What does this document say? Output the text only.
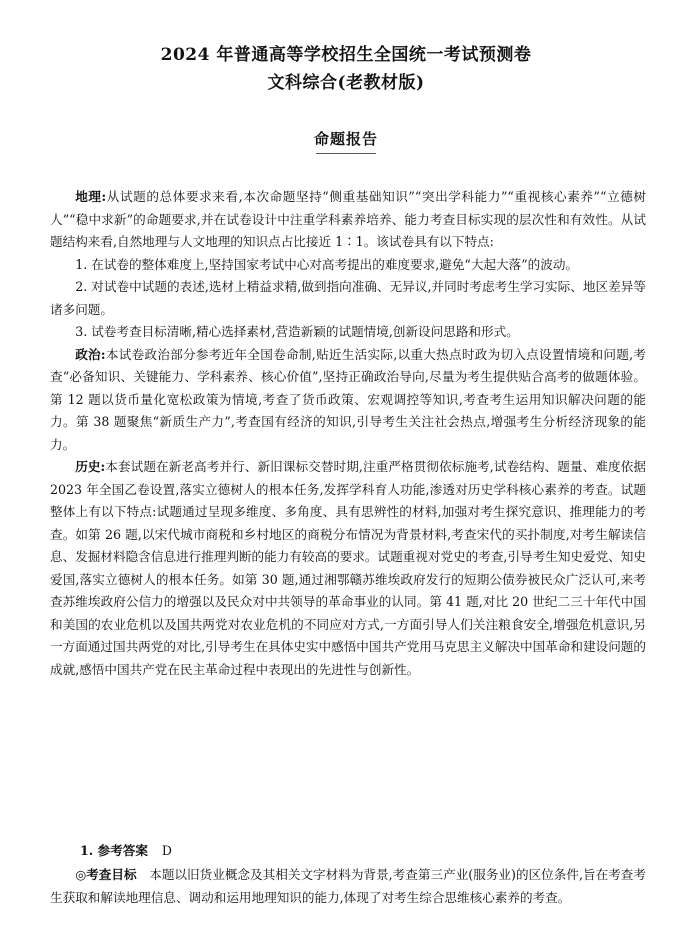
2024 年普通高等学校招生全国统一考试预测卷
文科综合(老教材版)
命题报告

地理:从试题的总体要求来看,本次命题坚持“侧重基础知识”“突出学科能力”“重视核心素养”“立德树人”“稳中求新”的命题要求,并在试卷设计中注重学科素养培养、能力考查目标实现的层次性和有效性。从试题结构来看,自然地理与人文地理的知识点占比接近 1∶1。该试卷具有以下特点:

1. 在试卷的整体难度上,坚持国家考试中心对高考提出的难度要求,避免“大起大落”的波动。

2. 对试卷中试题的表述,选材上精益求精,做到指向准确、无异议,并同时考虑考生学习实际、地区差异等诸多问题。

3. 试卷考查目标清晰,精心选择素材,营造新颖的试题情境,创新设问思路和形式。

政治:本试卷政治部分参考近年全国卷命制,贴近生活实际,以重大热点时政为切入点设置情境和问题,考查“必备知识、关键能力、学科素养、核心价值”,坚持正确政治导向,尽量为考生提供贴合高考的做题体验。第 12 题以货币量化宽松政策为情境,考查了货币政策、宏观调控等知识,考查考生运用知识解决问题的能力。第 38 题聚焦“新质生产力”,考查国有经济的知识,引导考生关注社会热点,增强考生分析经济现象的能力。

历史:本套试题在新老高考并行、新旧课标交替时期,注重严格贯彻依标施考,试卷结构、题量、难度依据2023 年全国乙卷设置,落实立德树人的根本任务,发挥学科育人功能,渗透对历史学科核心素养的考查。试题整体上有以下特点:试题通过呈现多维度、多角度、具有思辨性的材料,加强对考生探究意识、推理能力的考查。如第 26 题,以宋代城市商税和乡村地区的商税分布情况为背景材料,考查宋代的买扑制度,对考生解读信息、发掘材料隐含信息进行推理判断的能力有较高的要求。试题重视对党史的考查,引导考生知史爱党、知史爱国,落实立德树人的根本任务。如第 30 题,通过湘鄂赣苏维埃政府发行的短期公债券被民众广泛认可,来考查苏维埃政府公信力的增强以及民众对中共领导的革命事业的认同。第 41 题,对比 20 世纪二三十年代中国和美国的农业危机以及国共两党对农业危机的不同应对方式,一方面引导人们关注粮食安全,增强危机意识,另一方面通过国共两党的对比,引导考生在具体史实中感悟中国共产党用马克思主义解决中国革命和建设问题的成就,感悟中国共产党在民主革命过程中表现出的先进性与创新性。

1. 参考答案 D

◎考查目标  本题以旧货业概念及其相关文字材料为背景,考查第三产业(服务业)的区位条件,旨在考查考生获取和解读地理信息、调动和运用地理知识的能力,体现了对考生综合思维核心素养的考查。
